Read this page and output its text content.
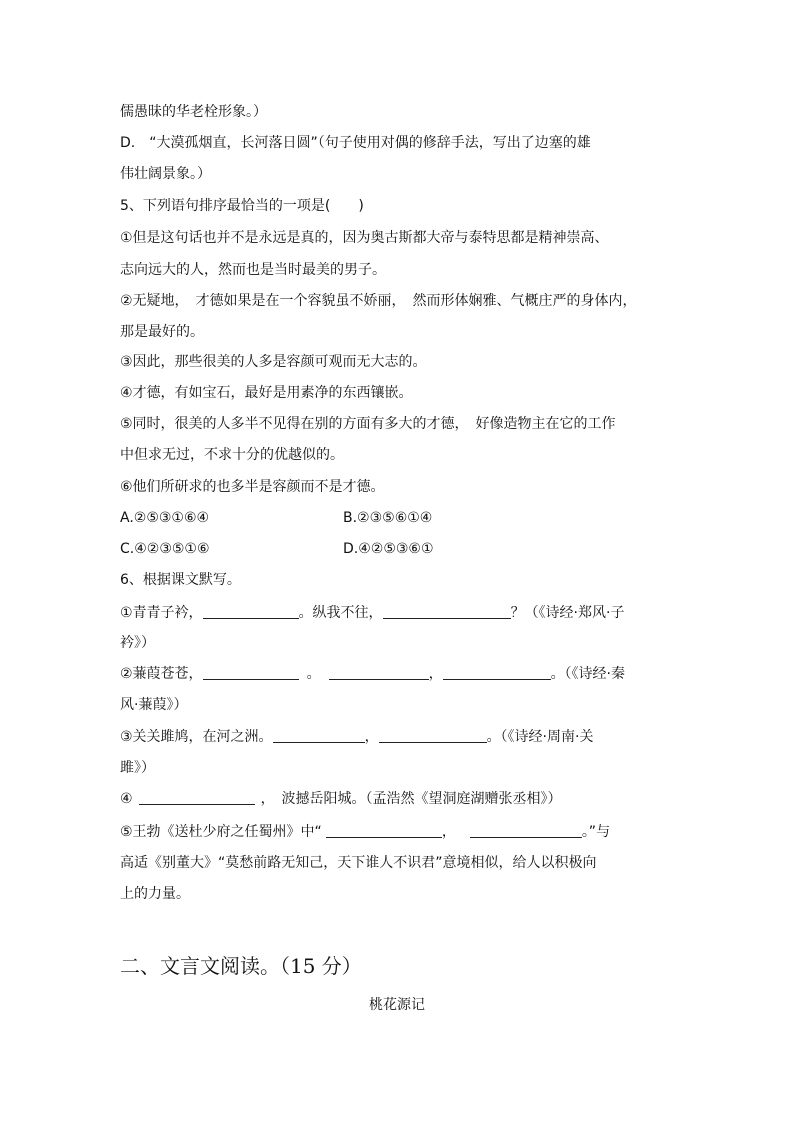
儒愚昧的华老栓形象。）
D.　“大漠孤烟直，长河落日圆”（句子使用对偶的修辞手法，写出了边塞的雄
伟壮阔景象。）
5、下列语句排序最恰当的一项是(　　)
①但是这句话也并不是永远是真的，因为奥古斯都大帝与泰特思都是精神崇高、
志向远大的人，然而也是当时最美的男子。
②无疑地，　才德如果是在一个容貌虽不娇丽，　然而形体娴雅、气概庄严的身体内，
那是最好的。
③因此，那些很美的人多是容颜可观而无大志的。
④才德，有如宝石，最好是用素净的东西镶嵌。
⑤同时，很美的人多半不见得在别的方面有多大的才德，　好像造物主在它的工作
中但求无过，不求十分的优越似的。
⑥他们所研求的也多半是容颜而不是才德。
A.②⑤③①⑥④	B.②③⑤⑥①④
C.④②③⑤①⑥	D.④②⑤③⑥①
6、根据课文默写。
①青青子衿，	。纵我不往，	？（《诗经·郑风·子
衿》）
②蒹葭苍苍，	。	，	。（《诗经·秦
风·蒹葭》）
③关关雎鸠，在河之洲。	，	。（《诗经·周南·关
雎》）
④	，　波撼岳阳城。（孟浩然《望洞庭湖赠张丞相》）
⑤王勃《送杜少府之任蜀州》中“	，	。”与
高适《别董大》“莫愁前路无知己，天下谁人不识君”意境相似，给人以积极向
上的力量。
二、文言文阅读。（15 分）
桃花源记
